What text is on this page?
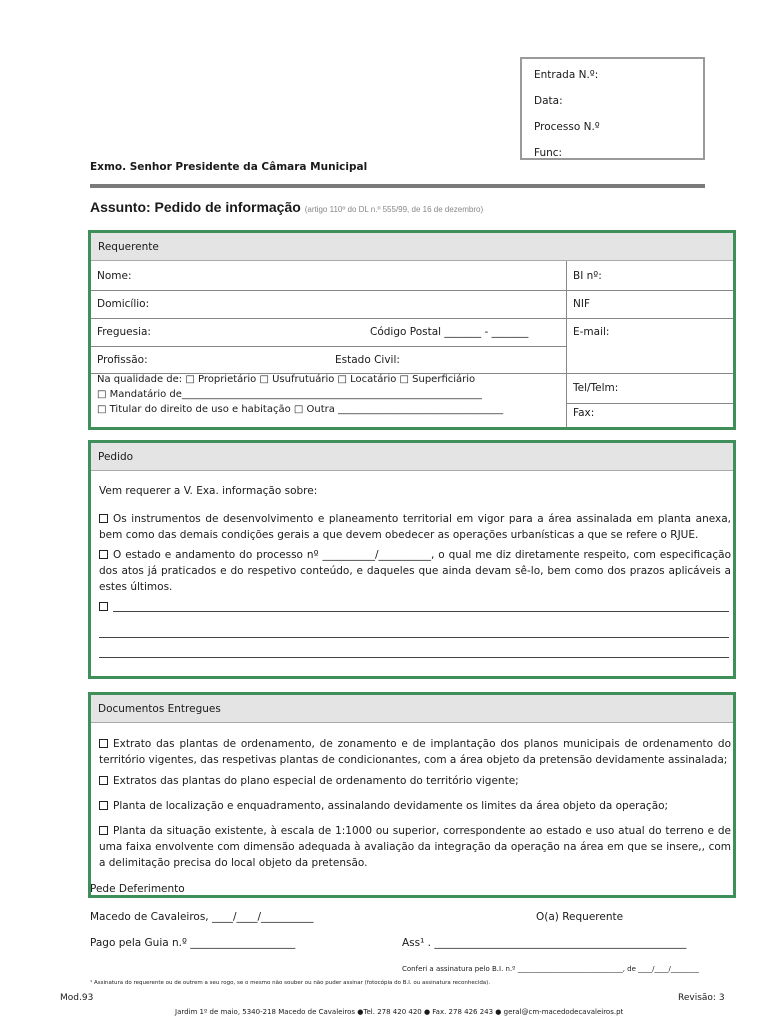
Entrada N.º:
Data:
Processo N.º
Func:
Exmo. Senhor Presidente da Câmara Municipal
Assunto: Pedido de informação (artigo 110º do DL n.º 555/99, de 16 de dezembro)
Requerente
Nome:	BI nº:
Domicílio:	NIF
Freguesia:	Código Postal _______ - _______	E-mail:
Profissão:	Estado Civil:
Na qualidade de: □ Proprietário □ Usufrutuário □ Locatário □ Superficiário
□ Mandatário de____________________________________________________________
□ Titular do direito de uso e habitação □ Outra _________________________________
Tel/Telm:
Fax:
Pedido
Vem requerer a V. Exa. informação sobre:
Os instrumentos de desenvolvimento e planeamento territorial em vigor para a área assinalada em planta anexa, bem como das demais condições gerais a que devem obedecer as operações urbanísticas a que se refere o RJUE.
O estado e andamento do processo nº __________/__________, o qual me diz diretamente respeito, com especificação dos atos já praticados e do respetivo conteúdo, e daqueles que ainda devam sê-lo, bem como dos prazos aplicáveis a estes últimos.
Documentos Entregues
Extrato das plantas de ordenamento, de zonamento e de implantação dos planos municipais de ordenamento do território vigentes, das respetivas plantas de condicionantes, com a área objeto da pretensão devidamente assinalada;
Extratos das plantas do plano especial de ordenamento do território vigente;
Planta de localização e enquadramento, assinalando devidamente os limites da área objeto da operação;
Planta da situação existente, à escala de 1:1000 ou superior, correspondente ao estado e uso atual do terreno e de uma faixa envolvente com dimensão adequada à avaliação da integração da operação na área em que se insere,, com a delimitação precisa do local objeto da pretensão.
Pede Deferimento
Macedo de Cavaleiros, ____/____/__________	O(a) Requerente
Pago pela Guia n.º ____________________	Ass¹ . ________________________________________________
Conferi a assinatura pelo B.I. n.º ______________________________, de ____/____/________
¹ Assinatura do requerente ou de outrem a seu rogo, se o mesmo não souber ou não puder assinar (fotocópia do B.I. ou assinatura reconhecida).
Mod.93	Revisão: 3
Jardim 1º de maio, 5340-218 Macedo de Cavaleiros ●Tel. 278 420 420 ● Fax. 278 426 243 ● geral@cm-macedodecavaleiros.pt
